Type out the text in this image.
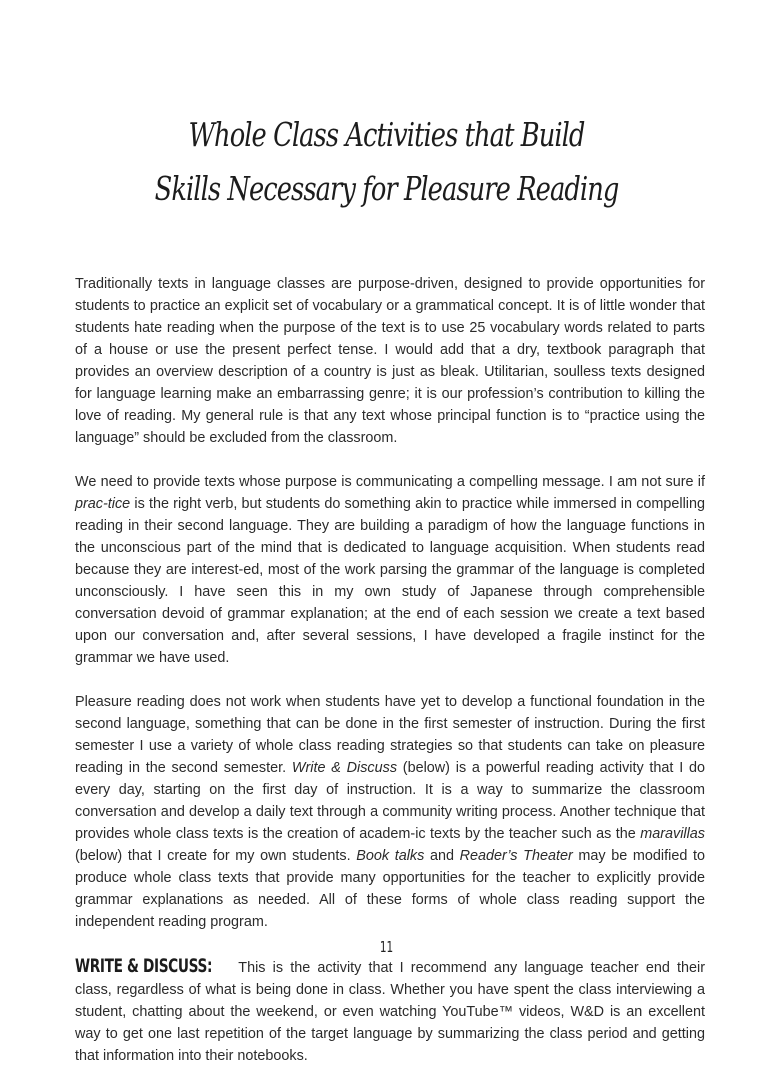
Whole Class Activities that Build
Skills Necessary for Pleasure Reading

Traditionally texts in language classes are purpose-driven, designed to provide opportunities for students to practice an explicit set of vocabulary or a grammatical concept. It is of little wonder that students hate reading when the purpose of the text is to use 25 vocabulary words related to parts of a house or use the present perfect tense. I would add that a dry, textbook paragraph that provides an overview description of a country is just as bleak. Utilitarian, soulless texts designed for language learning make an embarrassing genre; it is our profession’s contribution to killing the love of reading. My general rule is that any text whose principal function is to “practice using the language” should be excluded from the classroom.

We need to provide texts whose purpose is communicating a compelling message. I am not sure if prac-tice is the right verb, but students do something akin to practice while immersed in compelling reading in their second language. They are building a paradigm of how the language functions in the unconscious part of the mind that is dedicated to language acquisition. When students read because they are interest-ed, most of the work parsing the grammar of the language is completed unconsciously. I have seen this in my own study of Japanese through comprehensible conversation devoid of grammar explanation; at the end of each session we create a text based upon our conversation and, after several sessions, I have developed a fragile instinct for the grammar we have used.

Pleasure reading does not work when students have yet to develop a functional foundation in the second language, something that can be done in the first semester of instruction. During the first semester I use a variety of whole class reading strategies so that students can take on pleasure reading in the second semester. Write & Discuss (below) is a powerful reading activity that I do every day, starting on the first day of instruction. It is a way to summarize the classroom conversation and develop a daily text through a community writing process. Another technique that provides whole class texts is the creation of academ-ic texts by the teacher such as the maravillas (below) that I create for my own students. Book talks and Reader’s Theater may be modified to produce whole class texts that provide many opportunities for the teacher to explicitly provide grammar explanations as needed. All of these forms of whole class reading support the independent reading program.

WRITE & DISCUSS: This is the activity that I recommend any language teacher end their class, regardless of what is being done in class. Whether you have spent the class interviewing a student, chatting about the weekend, or even watching YouTube™ videos, W&D is an excellent way to get one last repetition of the target language by summarizing the class period and getting that information into their notebooks.

11
